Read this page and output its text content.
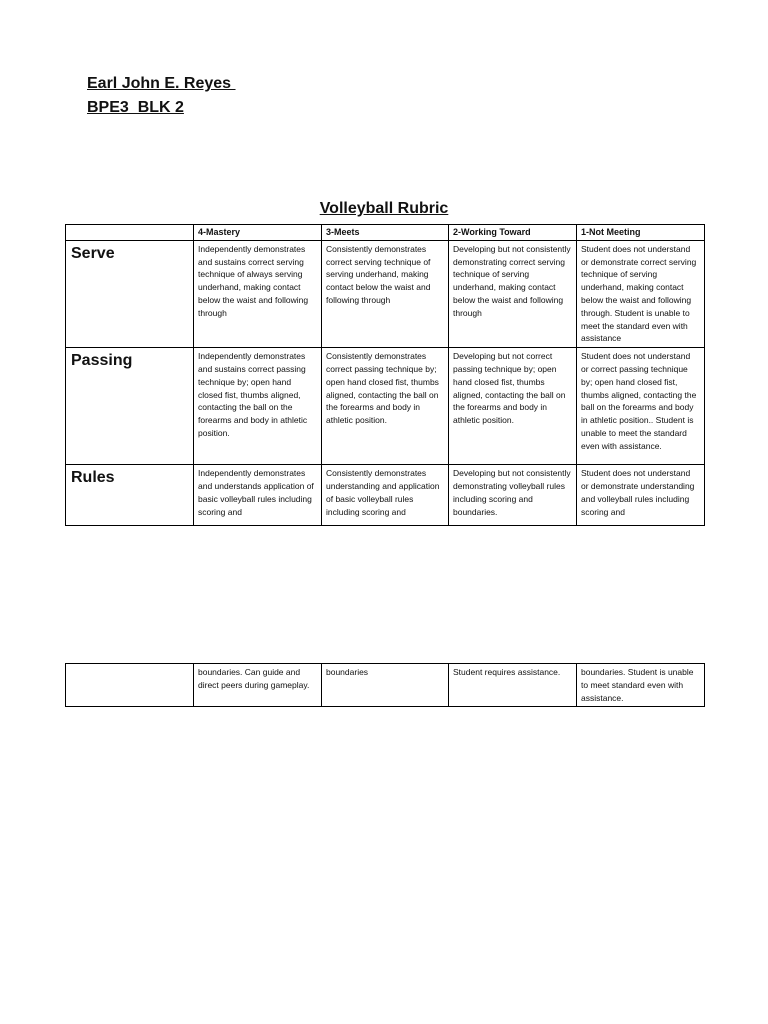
Earl John E. Reyes
BPE3  BLK 2
Volleyball Rubric
	4-Mastery	3-Meets	2-Working Toward	1-Not Meeting
Serve	Independently demonstrates and sustains correct serving technique of always serving underhand, making contact below the waist and following through	Consistently demonstrates correct serving technique of serving underhand, making contact below the waist and following through	Developing but not consistently demonstrating correct serving technique of serving underhand, making contact below the waist and following through	Student does not understand or demonstrate correct serving technique of serving underhand, making contact below the waist and following through. Student is unable to meet the standard even with assistance
Passing	Independently demonstrates and sustains correct passing technique by; open hand closed fist, thumbs aligned, contacting the ball on the forearms and body in athletic position.	Consistently demonstrates correct passing technique by; open hand closed fist, thumbs aligned, contacting the ball on the forearms and body in athletic position.	Developing but not correct passing technique by; open hand closed fist, thumbs aligned, contacting the ball on the forearms and body in athletic position.	Student does not understand or correct passing technique by; open hand closed fist, thumbs aligned, contacting the ball on the forearms and body in athletic position.. Student is unable to meet the standard even with assistance.
Rules	Independently demonstrates and understands application of basic volleyball rules including scoring and	Consistently demonstrates understanding and application of basic volleyball rules including scoring and	Developing but not consistently demonstrating volleyball rules including scoring and boundaries.	Student does not understand or demonstrate understanding and volleyball rules including scoring and
	boundaries. Can guide and direct peers during gameplay.	boundaries	Student requires assistance.	boundaries. Student is unable to meet standard even with assistance.
